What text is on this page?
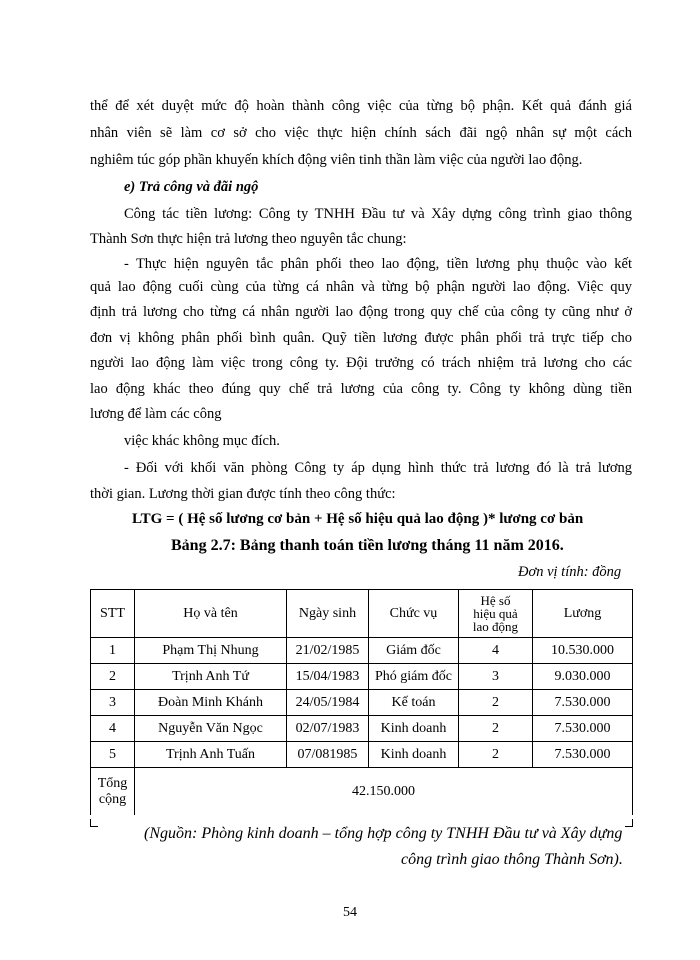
thể để xét duyệt mức độ hoàn thành công việc của từng bộ phận. Kết quả đánh giá
nhân viên sẽ làm cơ sở cho việc thực hiện chính sách đãi ngộ nhân sự một cách
nghiêm túc góp phần khuyến khích động viên tinh thần làm việc của người lao động.
e) Trả công và đãi ngộ
Công tác tiền lương: Công ty TNHH Đầu tư và Xây dựng công trình giao thông
Thành Sơn thực hiện trả lương theo nguyên tắc chung:
- Thực hiện nguyên tắc phân phối theo lao động, tiền lương phụ thuộc vào kết
quả lao động cuối cùng của từng cá nhân và từng bộ phận người lao động. Việc quy
định trả lương cho từng cá nhân người lao động trong quy chế của công ty cũng như ở
đơn vị không phân phối bình quân. Quỹ tiền lương được phân phối trả trực tiếp cho
người lao động làm việc trong công ty. Đội trưởng có trách nhiệm trả lương cho các
lao động khác theo đúng quy chế trả lương của công ty. Công ty không dùng tiền
lương để làm các công
việc khác không mục đích.
- Đối với khối văn phòng Công ty áp dụng hình thức trả lương đó là trả lương
thời gian. Lương thời gian được tính theo công thức:
LTG = ( Hệ số lương cơ bản + Hệ số hiệu quả lao động )* lương cơ bản
Bảng 2.7: Bảng thanh toán tiền lương tháng 11 năm 2016.
Đơn vị tính: đồng
STT	Họ và tên	Ngày sinh	Chức vụ	Hệ số
hiệu quả
lao động	Lương
1	Phạm Thị Nhung	21/02/1985	Giám đốc	4	10.530.000
2	Trịnh Anh Tứ	15/04/1983	Phó giám đốc	3	9.030.000
3	Đoàn Minh Khánh	24/05/1984	Kế toán	2	7.530.000
4	Nguyễn Văn Ngọc	02/07/1983	Kinh doanh	2	7.530.000
5	Trịnh Anh Tuấn	07/081985	Kinh doanh	2	7.530.000

Tổng
cộng	42.150.000				
(Nguồn: Phòng kinh doanh – tổng hợp công ty TNHH Đầu tư và Xây dựng
công trình giao thông Thành Sơn).
54
